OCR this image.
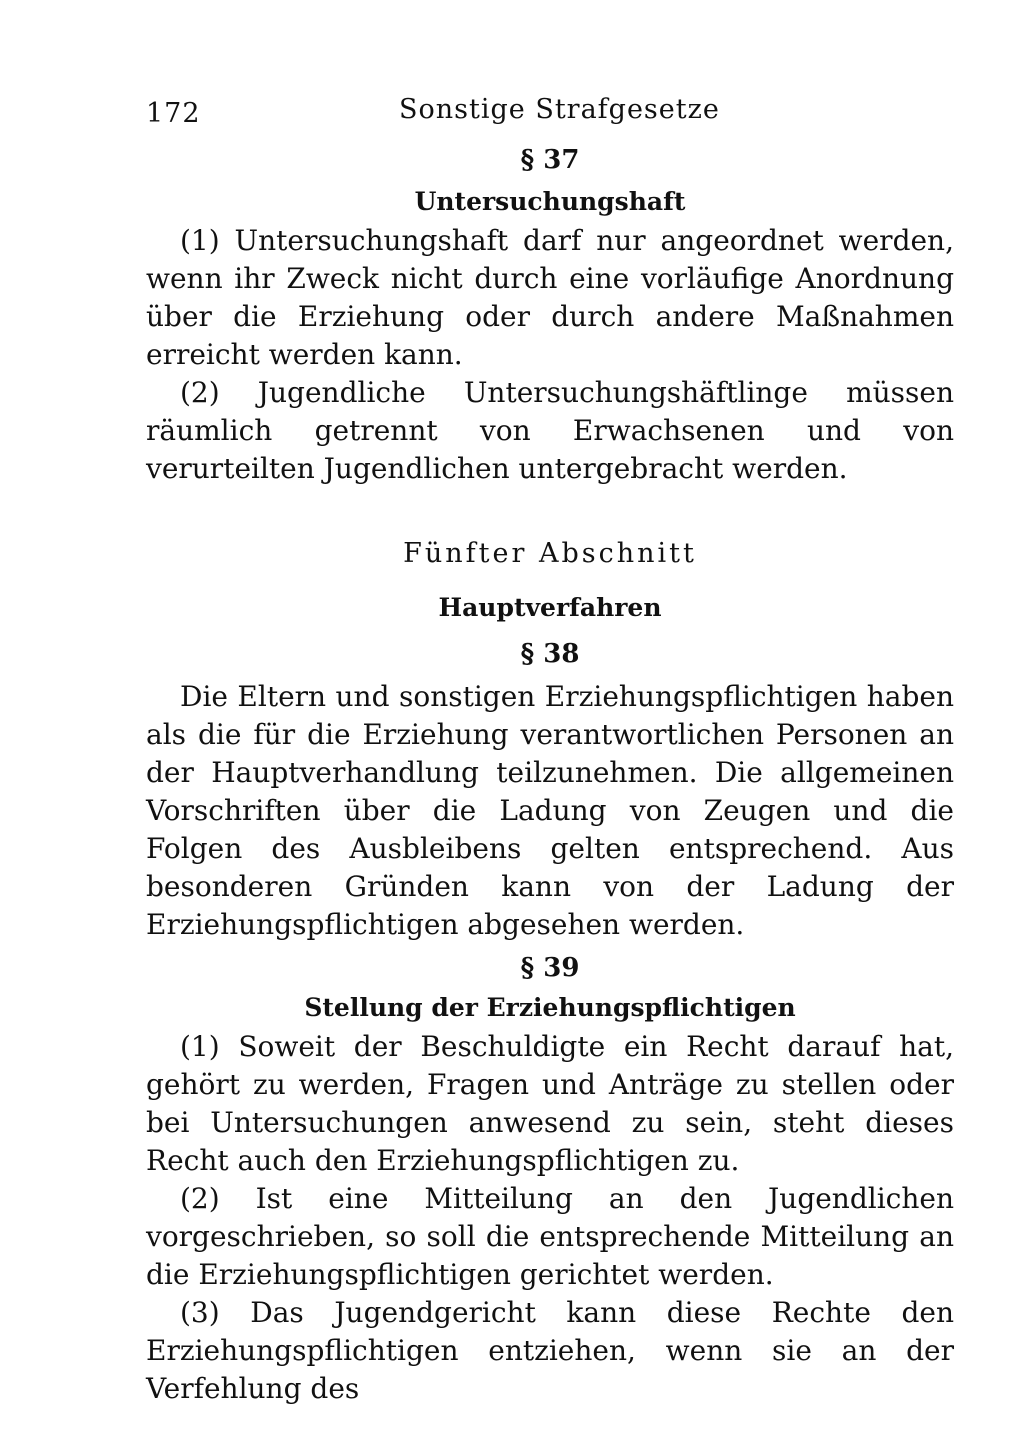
172	Sonstige Strafgesetze

§ 37

Untersuchungshaft

(1) Untersuchungshaft darf nur angeordnet werden, wenn ihr Zweck nicht durch eine vorläufige Anordnung über die Erziehung oder durch andere Maßnahmen erreicht werden kann.

(2) Jugendliche Untersuchungshäftlinge müssen räumlich getrennt von Erwachsenen und von verurteilten Jugendlichen untergebracht werden.

Fünfter Abschnitt

Hauptverfahren

§ 38

Die Eltern und sonstigen Erziehungspflichtigen haben als die für die Erziehung verantwortlichen Personen an der Hauptverhandlung teilzunehmen. Die allgemeinen Vorschriften über die Ladung von Zeugen und die Folgen des Ausbleibens gelten entsprechend. Aus besonderen Gründen kann von der Ladung der Erziehungspflichtigen abgesehen werden.

§ 39

Stellung der Erziehungspflichtigen

(1) Soweit der Beschuldigte ein Recht darauf hat, gehört zu werden, Fragen und Anträge zu stellen oder bei Untersuchungen anwesend zu sein, steht dieses Recht auch den Erziehungspflichtigen zu.

(2) Ist eine Mitteilung an den Jugendlichen vorgeschrieben, so soll die entsprechende Mitteilung an die Erziehungspflichtigen gerichtet werden.

(3) Das Jugendgericht kann diese Rechte den Erziehungspflichtigen entziehen, wenn sie an der Verfehlung des
